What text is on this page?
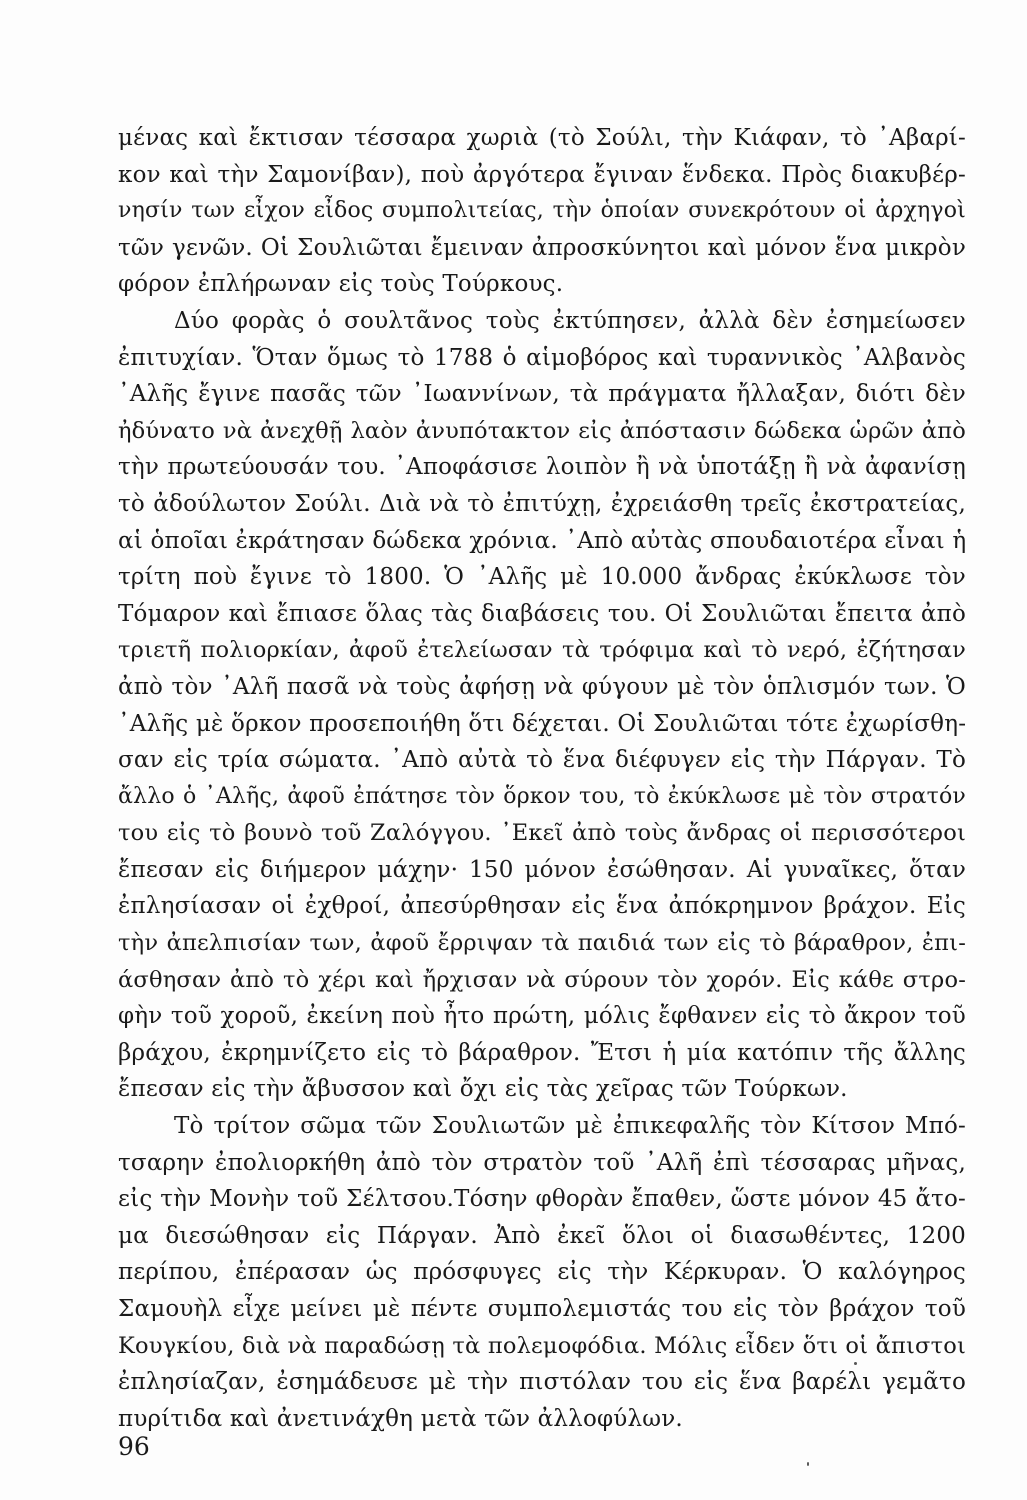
μένας καὶ ἔκτισαν τέσσαρα χωριὰ (τὸ Σούλι, τὴν Κιάφαν, τὸ ᾿Αβαρί-
κον καὶ τὴν Σαμονίβαν), ποὺ ἀργότερα ἔγιναν ἕνδεκα. Πρὸς διακυβέρ-
νησίν των εἶχον εἶδος συμπολιτείας, τὴν ὁποίαν συνεκρότουν οἱ ἀρχηγοὶ
τῶν γενῶν. Οἱ Σουλιῶται ἔμειναν ἀπροσκύνητοι καὶ μόνον ἕνα μικρὸν
φόρον ἐπλήρωναν εἰς τοὺς Τούρκους.
Δύο φορὰς ὁ σουλτᾶνος τοὺς ἐκτύπησεν, ἀλλὰ δὲν ἐσημείωσεν
ἐπιτυχίαν. Ὅταν ὅμως τὸ 1788 ὁ αἱμοβόρος καὶ τυραννικὸς ᾿Αλβανὸς
᾿Αλῆς ἔγινε πασᾶς τῶν ᾿Ιωαννίνων, τὰ πράγματα ἤλλαξαν, διότι δὲν
ἠδύνατο νὰ ἀνεχθῇ λαὸν ἀνυπότακτον εἰς ἀπόστασιν δώδεκα ὡρῶν ἀπὸ
τὴν πρωτεύουσάν του. ᾿Αποφάσισε λοιπὸν ἢ νὰ ὑποτάξῃ ἢ νὰ ἀφανίσῃ
τὸ ἀδούλωτον Σούλι. Διὰ νὰ τὸ ἐπιτύχῃ, ἐχρειάσθη τρεῖς ἐκστρατείας,
αἱ ὁποῖαι ἐκράτησαν δώδεκα χρόνια. ᾿Απὸ αὐτὰς σπουδαιοτέρα εἶναι ἡ
τρίτη ποὺ ἔγινε τὸ 1800. Ὁ ᾿Αλῆς μὲ 10.000 ἄνδρας ἐκύκλωσε τὸν
Τόμαρον καὶ ἔπιασε ὅλας τὰς διαβάσεις του. Οἱ Σουλιῶται ἔπειτα ἀπὸ
τριετῆ πολιορκίαν, ἀφοῦ ἐτελείωσαν τὰ τρόφιμα καὶ τὸ νερό, ἐζήτησαν
ἀπὸ τὸν ᾿Αλῆ πασᾶ νὰ τοὺς ἀφήσῃ νὰ φύγουν μὲ τὸν ὁπλισμόν των. Ὁ
᾿Αλῆς μὲ ὅρκον προσεποιήθη ὅτι δέχεται. Οἱ Σουλιῶται τότε ἐχωρίσθη-
σαν εἰς τρία σώματα. ᾿Απὸ αὐτὰ τὸ ἕνα διέφυγεν εἰς τὴν Πάργαν. Τὸ
ἄλλο ὁ ᾿Αλῆς, ἀφοῦ ἐπάτησε τὸν ὅρκον του, τὸ ἐκύκλωσε μὲ τὸν στρατόν
του εἰς τὸ βουνὸ τοῦ Ζαλόγγου. ᾿Εκεῖ ἀπὸ τοὺς ἄνδρας οἱ περισσότεροι
ἔπεσαν εἰς διήμερον μάχην· 150 μόνον ἐσώθησαν. Αἱ γυναῖκες, ὅταν
ἐπλησίασαν οἱ ἐχθροί, ἀπεσύρθησαν εἰς ἕνα ἀπόκρημνον βράχον. Εἰς
τὴν ἀπελπισίαν των, ἀφοῦ ἔρριψαν τὰ παιδιά των εἰς τὸ βάραθρον, ἐπι-
άσθησαν ἀπὸ τὸ χέρι καὶ ἤρχισαν νὰ σύρουν τὸν χορόν. Εἰς κάθε στρο-
φὴν τοῦ χοροῦ, ἐκείνη ποὺ ἦτο πρώτη, μόλις ἔφθανεν εἰς τὸ ἄκρον τοῦ
βράχου, ἐκρημνίζετο εἰς τὸ βάραθρον. Ἔτσι ἡ μία κατόπιν τῆς ἄλλης
ἔπεσαν εἰς τὴν ἄβυσσον καὶ ὄχι εἰς τὰς χεῖρας τῶν Τούρκων.
Τὸ τρίτον σῶμα τῶν Σουλιωτῶν μὲ ἐπικεφαλῆς τὸν Κίτσον Μπό-
τσαρην ἐπολιορκήθη ἀπὸ τὸν στρατὸν τοῦ ᾿Αλῆ ἐπὶ τέσσαρας μῆνας,
εἰς τὴν Μονὴν τοῦ Σέλτσου.Τόσην φθορὰν ἔπαθεν, ὥστε μόνον 45 ἄτο-
μα διεσώθησαν εἰς Πάργαν. Ἀπὸ ἐκεῖ ὅλοι οἱ διασωθέντες, 1200
περίπου, ἐπέρασαν ὡς πρόσφυγες εἰς τὴν Κέρκυραν. Ὁ καλόγηρος
Σαμουὴλ εἶχε μείνει μὲ πέντε συμπολεμιστάς του εἰς τὸν βράχον τοῦ
Κουγκίου, διὰ νὰ παραδώσῃ τὰ πολεμοφόδια. Μόλις εἶδεν ὅτι οἱ ἄπιστοι
ἐπλησίαζαν, ἐσημάδευσε μὲ τὴν πιστόλαν του εἰς ἕνα βαρέλι γεμᾶτο
πυρίτιδα καὶ ἀνετινάχθη μετὰ τῶν ἀλλοφύλων.
96
